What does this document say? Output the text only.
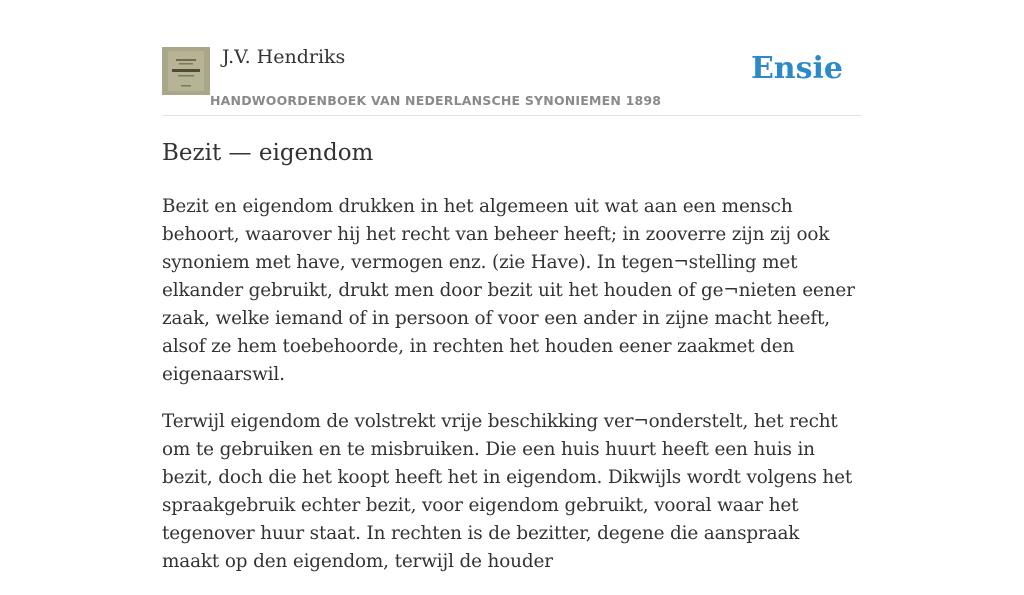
J.V. Hendriks
HANDWOORDENBOEK VAN NEDERLANSCHE SYNONIEMEN 1898
Ensie
Bezit — eigendom

Bezit en eigendom drukken in het algemeen uit wat aan een mensch behoort, waarover hij het recht van beheer heeft; in zooverre zijn zij ook synoniem met have, vermogen enz. (zie Have). In tegen¬stelling met elkander gebruikt, drukt men door bezit uit het houden of ge¬nieten eener zaak, welke iemand of in persoon of voor een ander in zijne macht heeft, alsof ze hem toebehoorde, in rechten het houden eener zaakmet den eigenaarswil.

Terwijl eigendom de volstrekt vrije beschikking ver¬onderstelt, het recht om te gebruiken en te misbruiken. Die een huis huurt heeft een huis in bezit, doch die het koopt heeft het in eigendom. Dikwijls wordt volgens het spraakgebruik echter bezit, voor eigendom gebruikt, vooral waar het tegenover huur staat. In rechten is de bezitter, degene die aanspraak maakt op den eigendom, terwijl de houder
